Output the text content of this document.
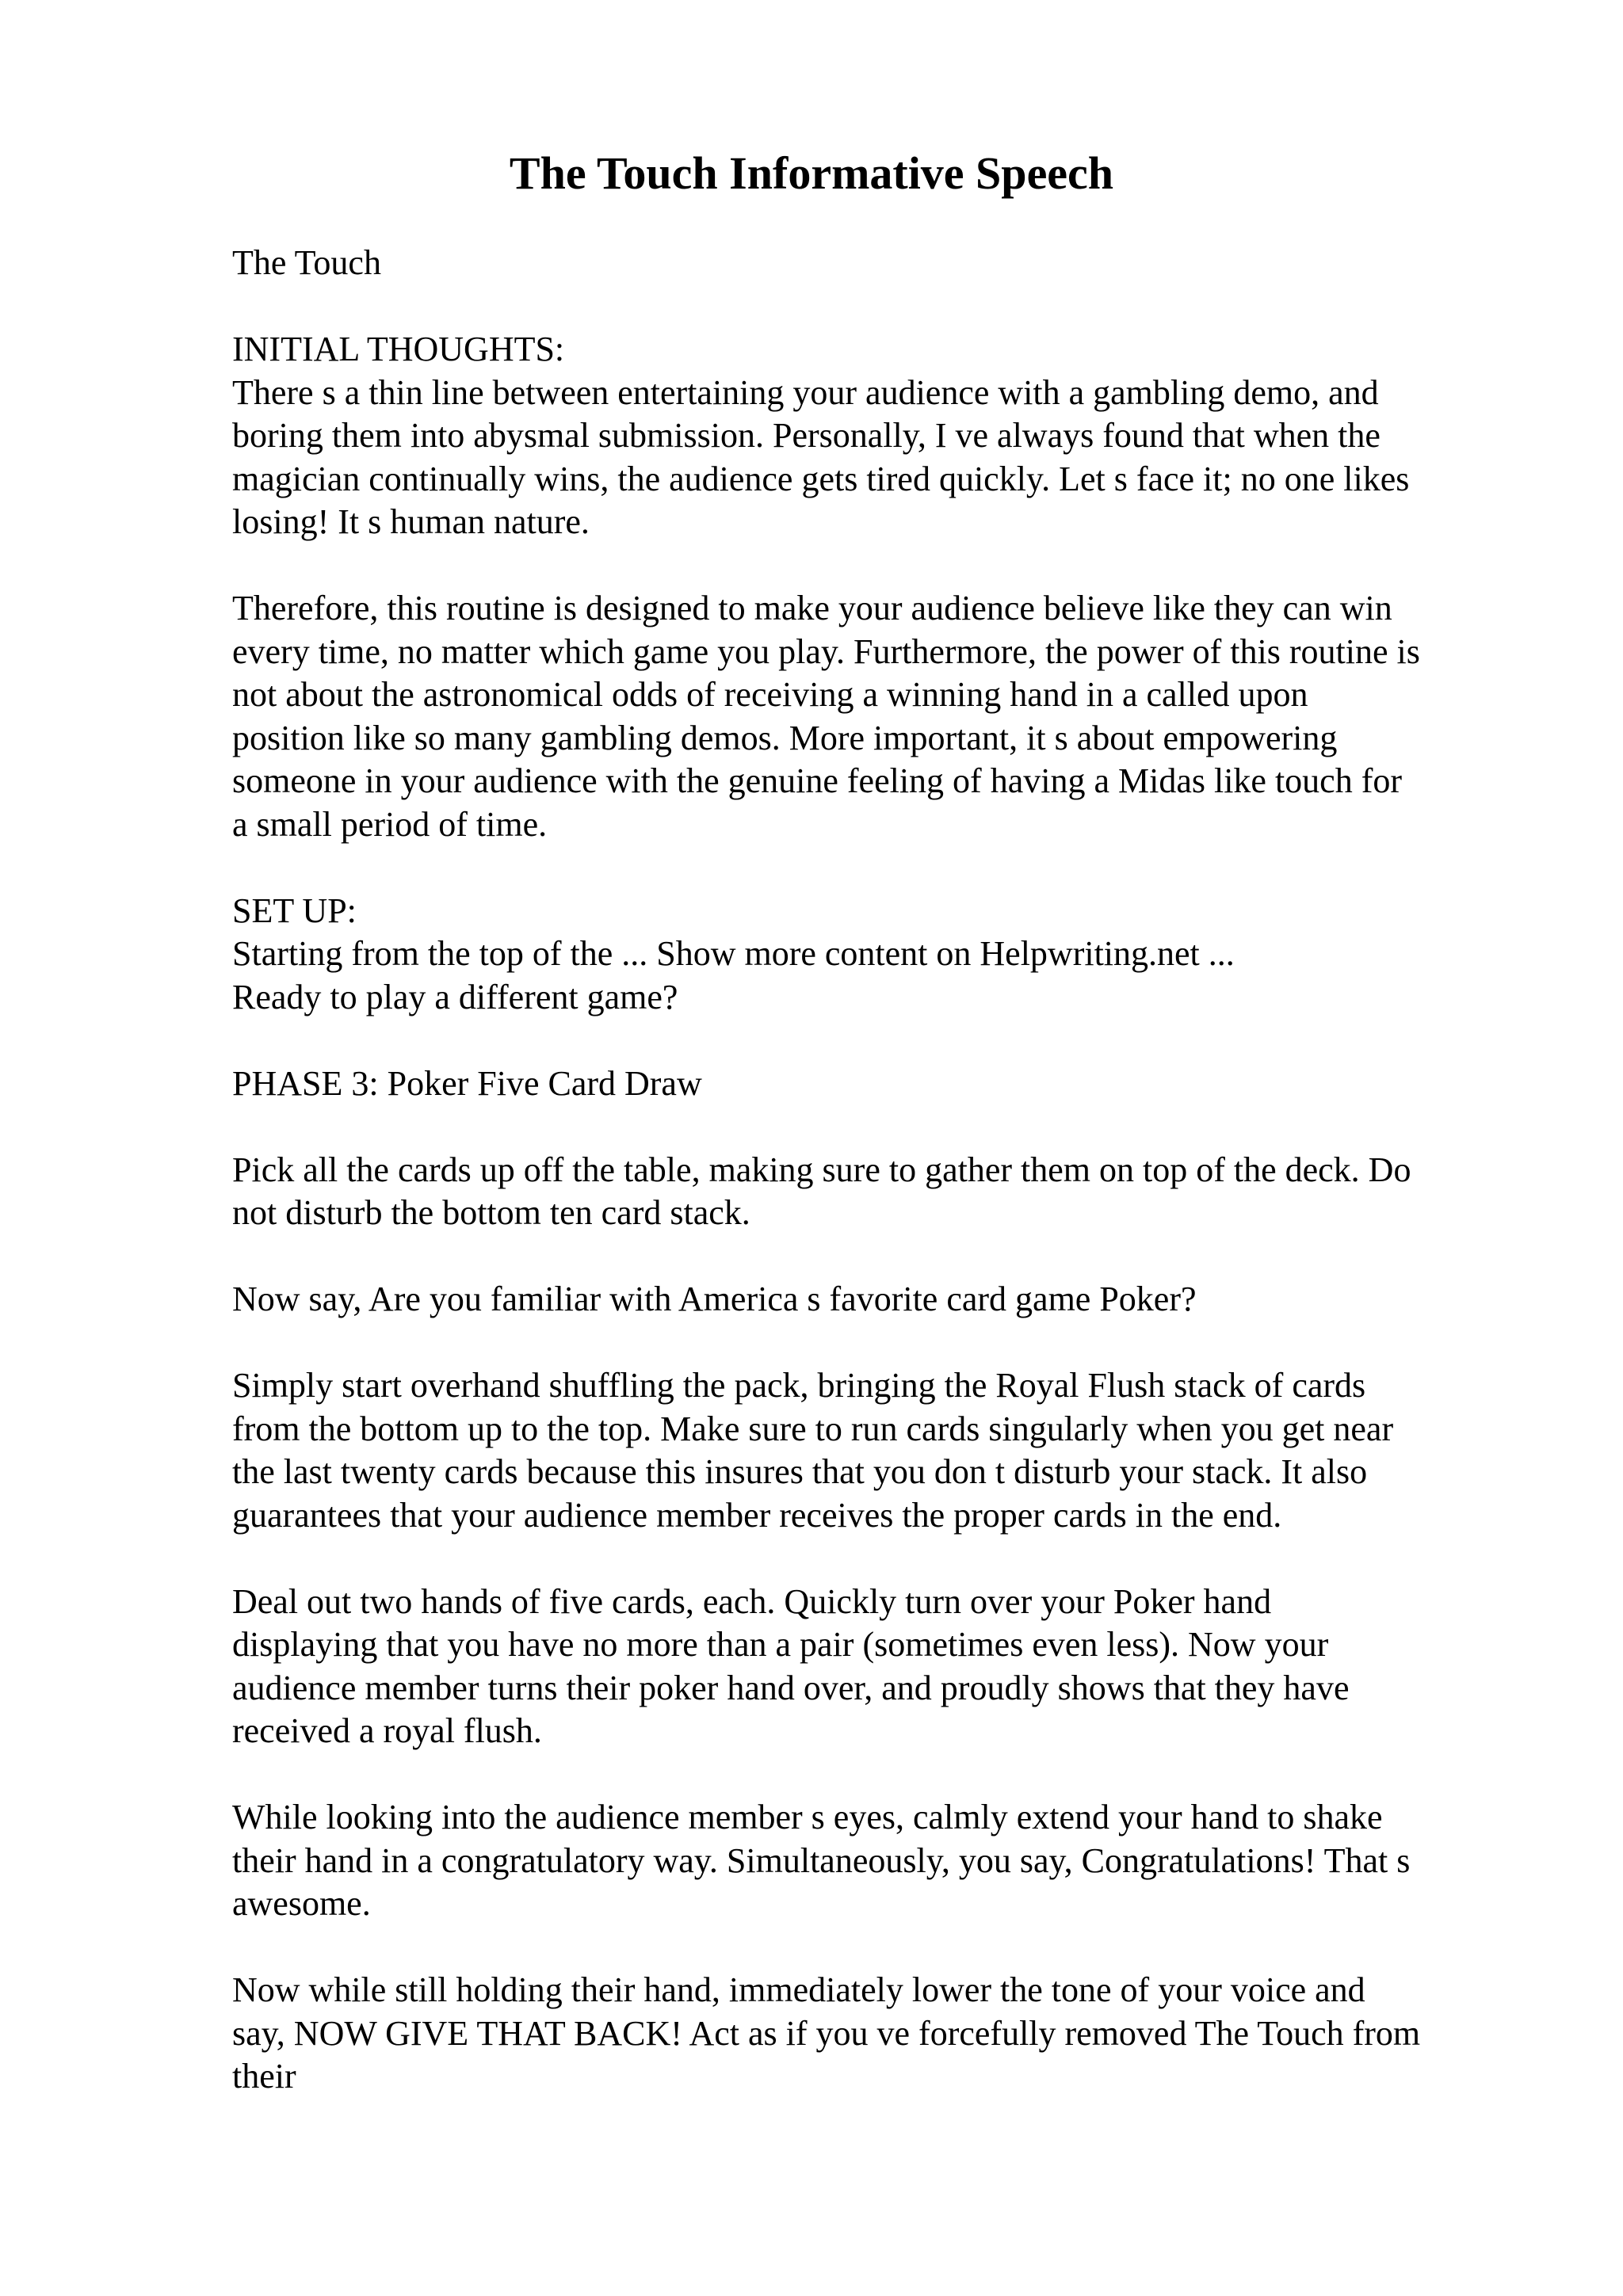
The Touch Informative Speech

The Touch

INITIAL THOUGHTS:
There s a thin line between entertaining your audience with a gambling demo, and
boring them into abysmal submission. Personally, I ve always found that when the
magician continually wins, the audience gets tired quickly. Let s face it; no one likes
losing! It s human nature.

Therefore, this routine is designed to make your audience believe like they can win
every time, no matter which game you play. Furthermore, the power of this routine is
not about the astronomical odds of receiving a winning hand in a called upon
position like so many gambling demos. More important, it s about empowering
someone in your audience with the genuine feeling of having a Midas like touch for
a small period of time.

SET UP:
Starting from the top of the ... Show more content on Helpwriting.net ...
Ready to play a different game?

PHASE 3: Poker Five Card Draw

Pick all the cards up off the table, making sure to gather them on top of the deck. Do
not disturb the bottom ten card stack.

Now say, Are you familiar with America s favorite card game Poker?

Simply start overhand shuffling the pack, bringing the Royal Flush stack of cards
from the bottom up to the top. Make sure to run cards singularly when you get near
the last twenty cards because this insures that you don t disturb your stack. It also
guarantees that your audience member receives the proper cards in the end.

Deal out two hands of five cards, each. Quickly turn over your Poker hand
displaying that you have no more than a pair (sometimes even less). Now your
audience member turns their poker hand over, and proudly shows that they have
received a royal flush.

While looking into the audience member s eyes, calmly extend your hand to shake
their hand in a congratulatory way. Simultaneously, you say, Congratulations! That s
awesome.

Now while still holding their hand, immediately lower the tone of your voice and
say, NOW GIVE THAT BACK! Act as if you ve forcefully removed The Touch from
their
